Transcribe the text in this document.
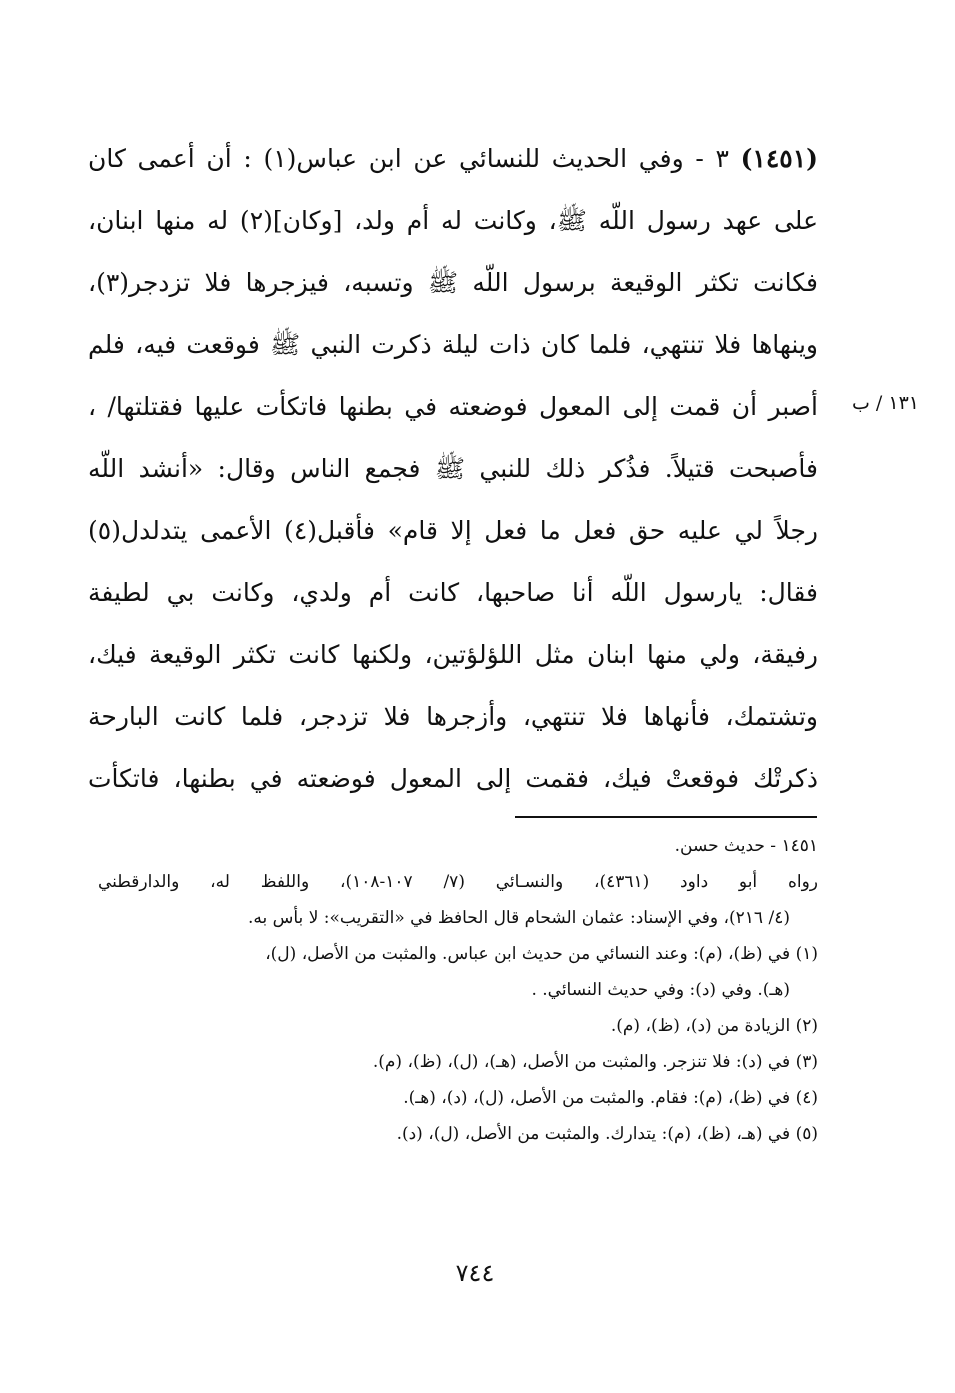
١٣١ / ب
(١٤٥١) ٣ - وفي الحديث للنسائي عن ابن عباس(١) : أن أعمى كان
على عهد رسول اللّه ﷺ، وكانت له أم ولد، [وكان](٢) له منها ابنان،
فكانت تكثر الوقيعة برسول اللّه ﷺ وتسبه، فيزجرها فلا تزدجر(٣)،
وينهاها فلا تنتهي، فلما كان ذات ليلة ذكرت النبي ﷺ فوقعت فيه، فلم
أصبر أن قمت إلى المعول فوضعته في بطنها فاتكأت عليها فقتلتها/ ،
فأصبحت قتيلاً. فذُكر ذلك للنبي ﷺ فجمع الناس وقال: «أنشد اللّه
رجلاً لي عليه حق فعل ما فعل إلا قام» فأقبل(٤) الأعمى يتدلدل(٥)
فقال: يارسول اللّه أنا صاحبها، كانت أم ولدي، وكانت بي لطيفة
رفيقة، ولي منها ابنان مثل اللؤلؤتين، ولكنها كانت تكثر الوقيعة فيك،
وتشتمك، فأنهاها فلا تنتهي، وأزجرها فلا تزدجر، فلما كانت البارحة
ذكرتْك فوقعتْ فيك، فقمت إلى المعول فوضعته في بطنها، فاتكأت
١٤٥١ - حديث حسن.
رواه أبو داود (٤٣٦١)، والنسـائي (٧/ ١٠٧-١٠٨)، واللفظ له، والدارقطني
(٤/ ٢١٦)، وفي الإسناد: عثمان الشحام قال الحافظ في «التقريب»: لا بأس به.
(١) في (ظ)، (م): وعند النسائي من حديث ابن عباس. والمثبت من الأصل، (ل)،
(هـ). وفي (د): وفي حديث النسائي. .
(٢) الزيادة من (د)، (ظ)، (م).
(٣) في (د): فلا تنزجر. والمثبت من الأصل، (هـ)، (ل)، (ظ)، (م).
(٤) في (ظ)، (م): فقام. والمثبت من الأصل، (ل)، (د)، (هـ).
(٥) في (هـ، (ظ)، (م): يتدارك. والمثبت من الأصل، (ل)، (د).
٧٤٤
